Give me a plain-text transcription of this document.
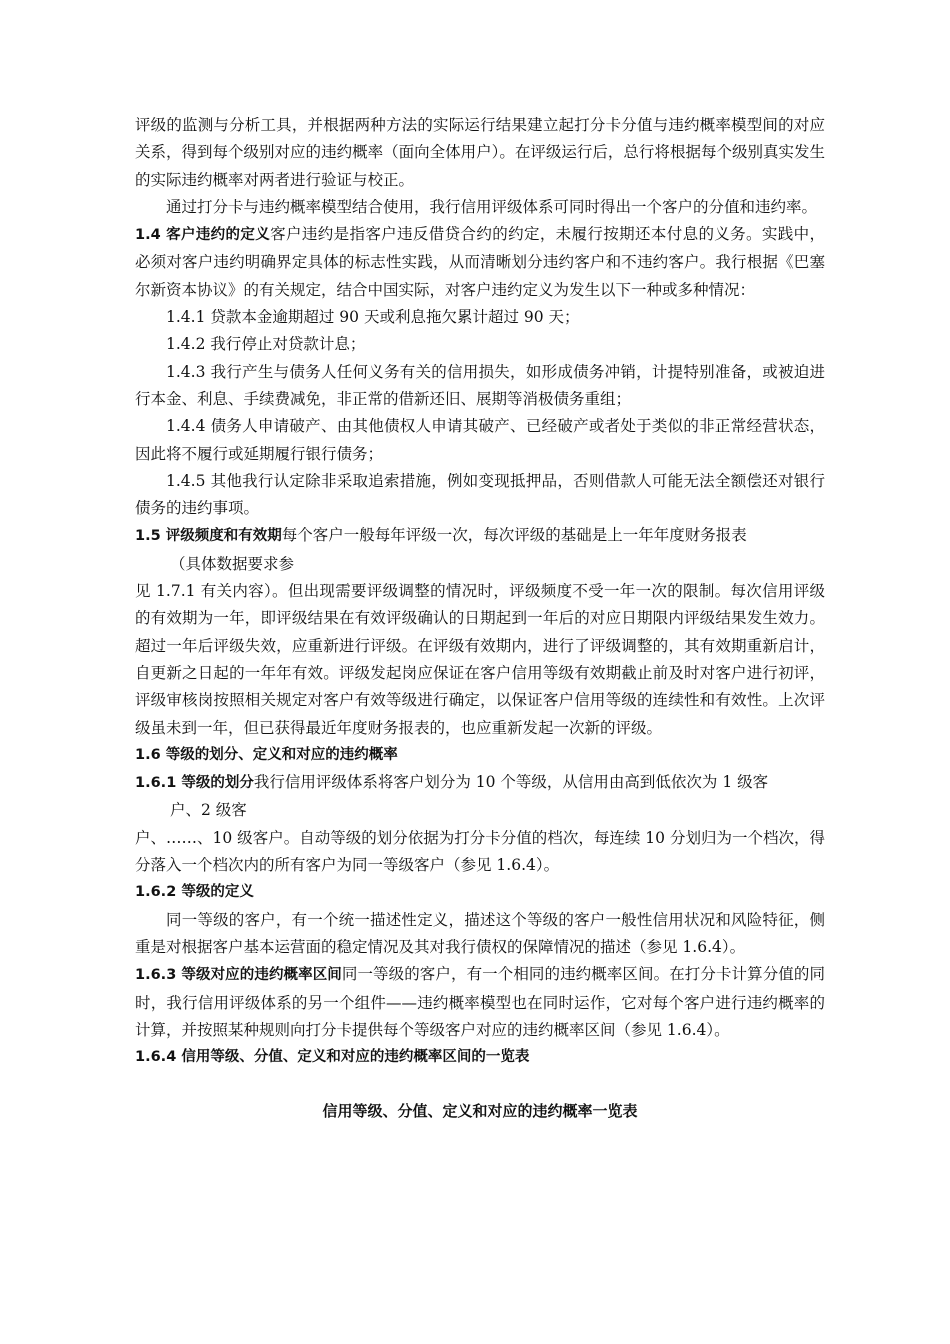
评级的监测与分析工具，并根据两种方法的实际运行结果建立起打分卡分值与违约概率模型间的对应关系，得到每个级别对应的违约概率（面向全体用户）。在评级运行后，总行将根据每个级别真实发生的实际违约概率对两者进行验证与校正。

通过打分卡与违约概率模型结合使用，我行信用评级体系可同时得出一个客户的分值和违约率。

1.4 客户违约的定义客户违约是指客户违反借贷合约的约定，未履行按期还本付息的义务。实践中，必须对客户违约明确界定具体的标志性实践，从而清晰划分违约客户和不违约客户。我行根据《巴塞尔新资本协议》的有关规定，结合中国实际，对客户违约定义为发生以下一种或多种情况：

1.4.1 贷款本金逾期超过 90 天或利息拖欠累计超过 90 天；

1.4.2 我行停止对贷款计息；

1.4.3 我行产生与债务人任何义务有关的信用损失，如形成债务冲销，计提特别准备，或被迫进行本金、利息、手续费减免，非正常的借新还旧、展期等消极债务重组；

1.4.4 债务人申请破产、由其他债权人申请其破产、已经破产或者处于类似的非正常经营状态，因此将不履行或延期履行银行债务；

1.4.5 其他我行认定除非采取追索措施，例如变现抵押品，否则借款人可能无法全额偿还对银行债务的违约事项。

1.5 评级频度和有效期每个客户一般每年评级一次，每次评级的基础是上一年年度财务报表

（具体数据要求参

见 1.7.1 有关内容）。但出现需要评级调整的情况时，评级频度不受一年一次的限制。每次信用评级的有效期为一年，即评级结果在有效评级确认的日期起到一年后的对应日期限内评级结果发生效力。超过一年后评级失效，应重新进行评级。在评级有效期内，进行了评级调整的，其有效期重新启计，自更新之日起的一年年有效。评级发起岗应保证在客户信用等级有效期截止前及时对客户进行初评，评级审核岗按照相关规定对客户有效等级进行确定，以保证客户信用等级的连续性和有效性。上次评级虽未到一年，但已获得最近年度财务报表的，也应重新发起一次新的评级。

1.6 等级的划分、定义和对应的违约概率

1.6.1 等级的划分我行信用评级体系将客户划分为 10 个等级，从信用由高到低依次为 1 级客

户、2 级客

户、……、10 级客户。自动等级的划分依据为打分卡分值的档次，每连续 10 分划归为一个档次，得分落入一个档次内的所有客户为同一等级客户（参见 1.6.4）。

1.6.2 等级的定义

同一等级的客户，有一个统一描述性定义，描述这个等级的客户一般性信用状况和风险特征，侧重是对根据客户基本运营面的稳定情况及其对我行债权的保障情况的描述（参见 1.6.4）。

1.6.3 等级对应的违约概率区间同一等级的客户，有一个相同的违约概率区间。在打分卡计算分值的同时，我行信用评级体系的另一个组件——违约概率模型也在同时运作，它对每个客户进行违约概率的计算，并按照某种规则向打分卡提供每个等级客户对应的违约概率区间（参见 1.6.4）。

1.6.4 信用等级、分值、定义和对应的违约概率区间的一览表

信用等级、分值、定义和对应的违约概率一览表
